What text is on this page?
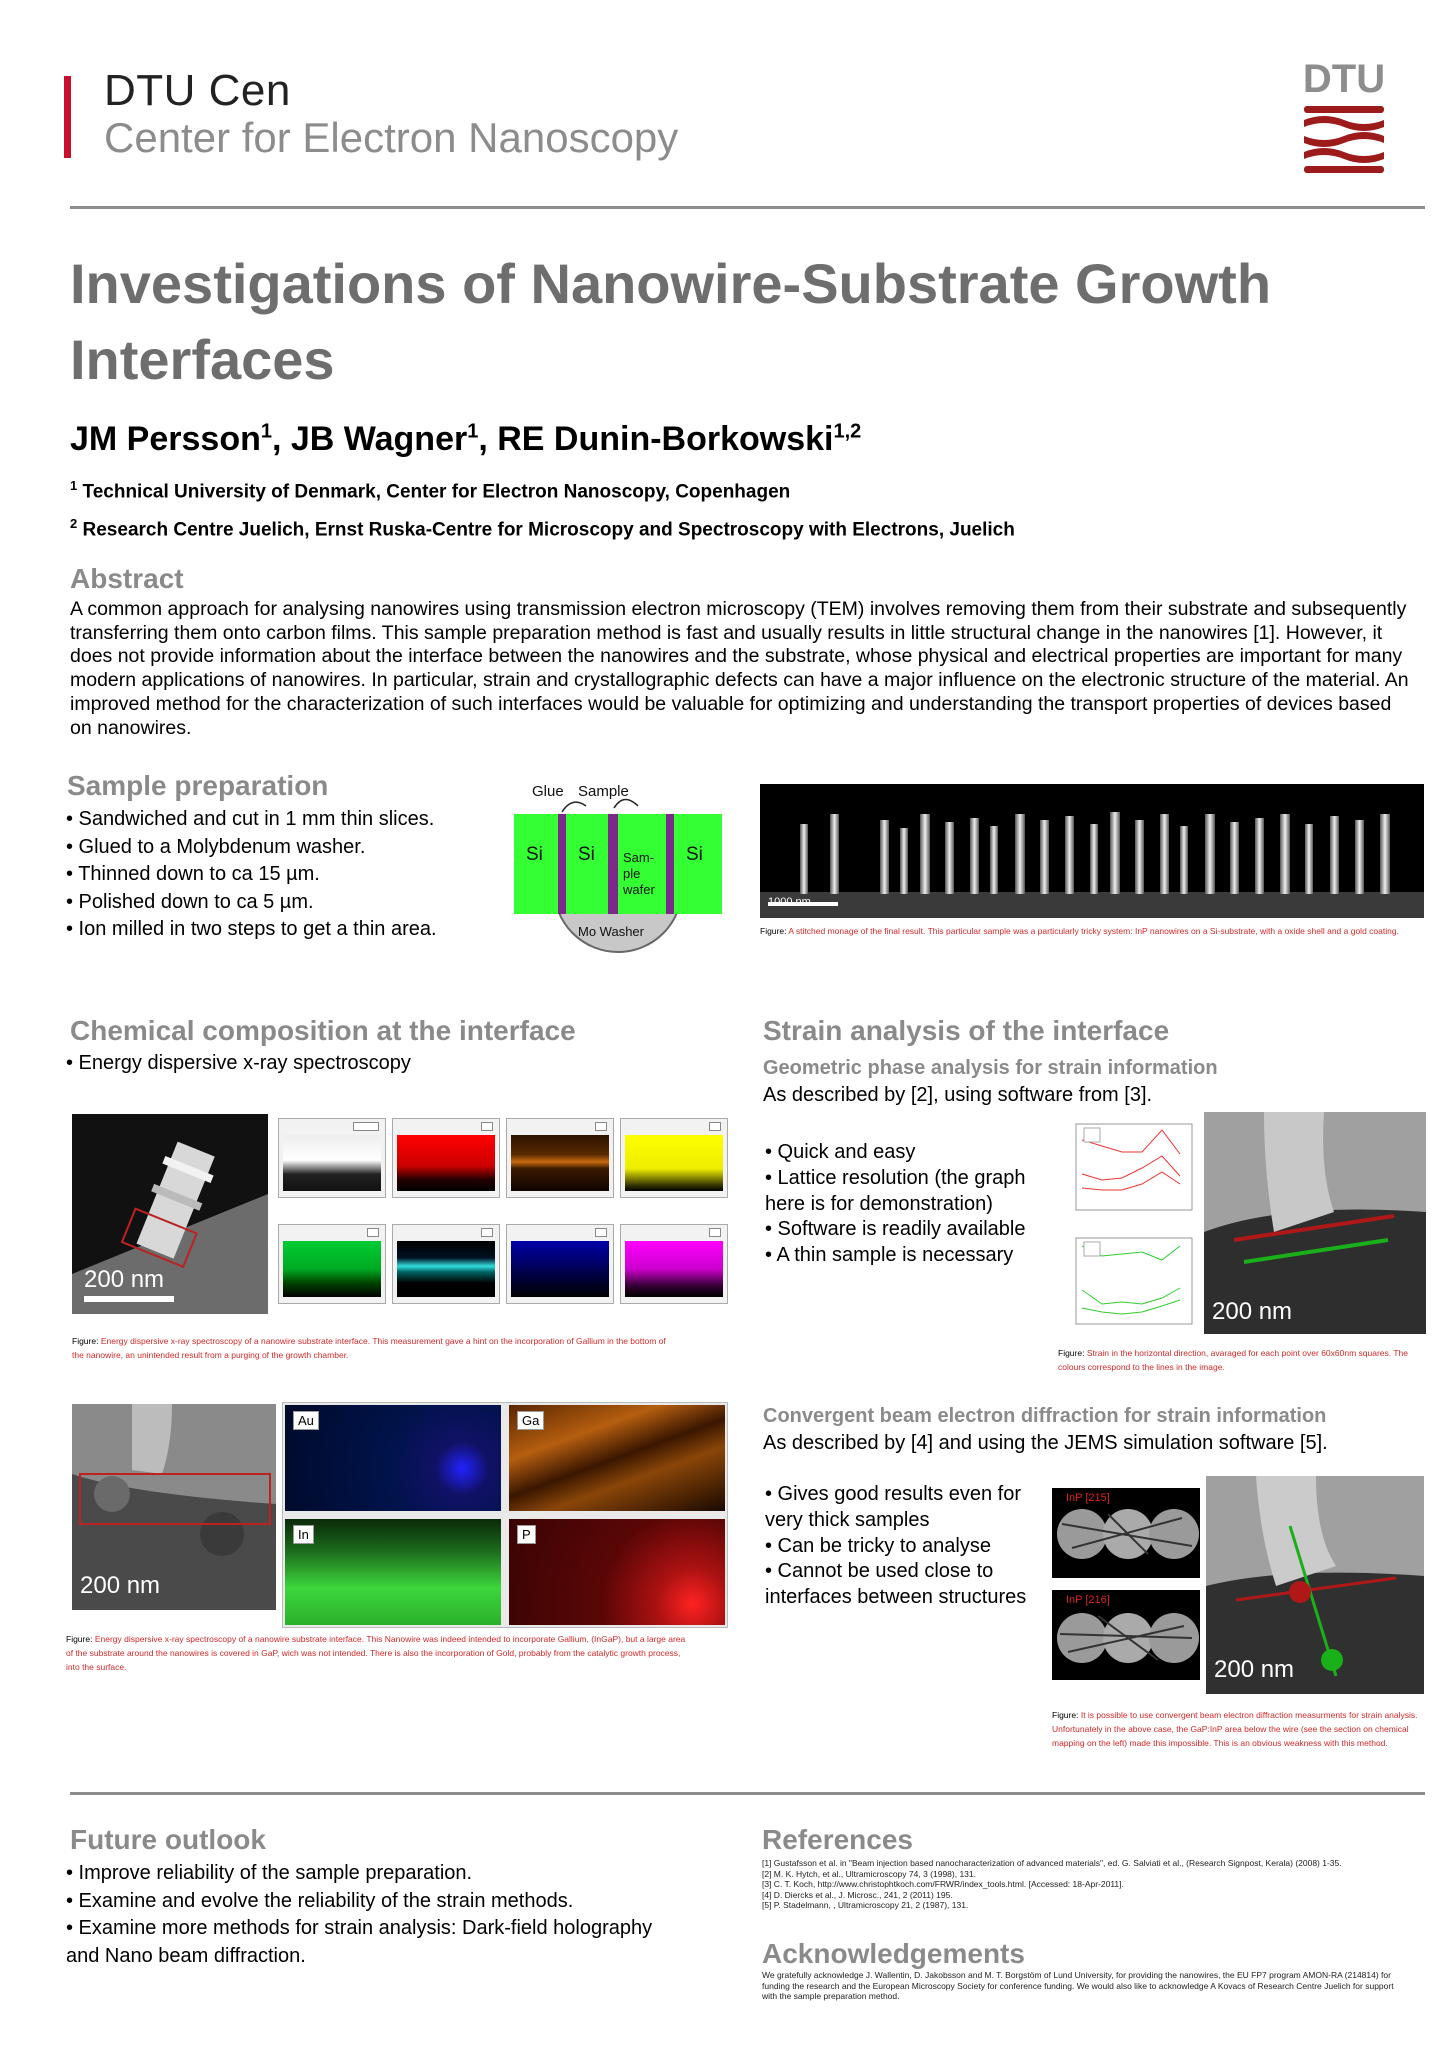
DTU Cen
Center for Electron Nanoscopy
DTU
Investigations of Nanowire-Substrate Growth Interfaces
JM Persson$^1$, JB Wagner$^1$, RE Dunin-Borkowski$^{1,2}$
$^1$ Technical University of Denmark, Center for Electron Nanoscopy, Copenhagen
$^2$ Research Centre Juelich, Ernst Ruska-Centre for Microscopy and Spectroscopy with Electrons, Juelich
Abstract
A common approach for analysing nanowires using transmission electron microscopy (TEM) involves removing them from their substrate and subsequently transferring them onto carbon films. This sample preparation method is fast and usually results in little structural change in the nanowires [1]. However, it does not provide information about the interface between the nanowires and the substrate, whose physical and electrical properties are important for many modern applications of nanowires. In particular, strain and crystallographic defects can have a major influence on the electronic structure of the material. An improved method for the characterization of such interfaces would be valuable for optimizing and understanding the transport properties of devices based on nanowires.
Sample preparation
• Sandwiched and cut in 1 mm thin slices.
• Glued to a Molybdenum washer.
• Thinned down to ca 15 µm.
• Polished down to ca 5 µm.
• Ion milled in two steps to get a thin area.
Glue Sample
Si Si Sam-
ple
wafer
Si
Mo Washer
1000 nm
Figure: A stitched monage of the final result. This particular sample was a particularly tricky system: InP nanowires on a Si-substrate, with a oxide shell and a gold coating.
Chemical composition at the interface
• Energy dispersive x-ray spectroscopy
200 nm
Figure: Energy dispersive x-ray spectroscopy of a nanowire substrate interface. This measurement gave a hint on the incorporation of Gallium in the bottom of the nanowire, an unintended result from a purging of the growth chamber.
200 nm
Au	Ga
In	P
Figure: Energy dispersive x-ray spectroscopy of a nanowire substrate interface. This Nanowire was indeed intended to incorporate Gallium, (InGaP), but a large area of the substrate around the nanowires is covered in GaP, wich was not intended. There is also the incorporation of Gold, probably from the catalytic growth process, into the surface.
Strain analysis of the interface
Geometric phase analysis for strain information
As described by [2], using software from [3].
• Quick and easy
• Lattice resolution (the graph
here is for demonstration)
• Software is readily available
• A thin sample is necessary
200 nm
Figure: Strain in the horizontal direction, avaraged for each point over 60x60nm squares. The colours correspond to the lines in the image.
Convergent beam electron diffraction for strain information
As described by [4] and using the JEMS simulation software [5].
• Gives good results even for
very thick samples
• Can be tricky to analyse
• Cannot be used close to
interfaces between structures
InP [215]
InP [216]
200 nm
Figure: It is possible to use convergent beam electron diffraction measurments for strain analysis. Unfortunately in the above case, the GaP:InP area below the wire (see the section on chemical mapping on the left) made this impossible. This is an obvious weakness with this method.
Future outlook
• Improve reliability of the sample preparation.
• Examine and evolve the reliability of the strain methods.
• Examine more methods for strain analysis: Dark-field holography
and Nano beam diffraction.
References
[1] Gustafsson et al. in "Beam injection based nanocharacterization of advanced materials", ed. G. Salviati et al., (Research Signpost, Kerala) (2008) 1-35.
[2] M. K. Hytch, et al., Ultramicroscopy 74, 3 (1998), 131.
[3] C. T. Koch, http://www.christophtkoch.com/FRWR/index_tools.html. [Accessed: 18-Apr-2011].
[4] D. Diercks et al., J. Microsc., 241, 2 (2011) 195.
[5] P. Stadelmann, , Ultramicroscopy 21, 2 (1987), 131.
Acknowledgements
We gratefully acknowledge J. Wallentin, D. Jakobsson and M. T. Borgstöm of Lund University, for providing the nanowires, the EU FP7 program AMON-RA (214814) for funding the research and the European Microscopy Society for conference funding. We would also like to acknowledge A Kovacs of Research Centre Juelich for support with the sample preparation method.
